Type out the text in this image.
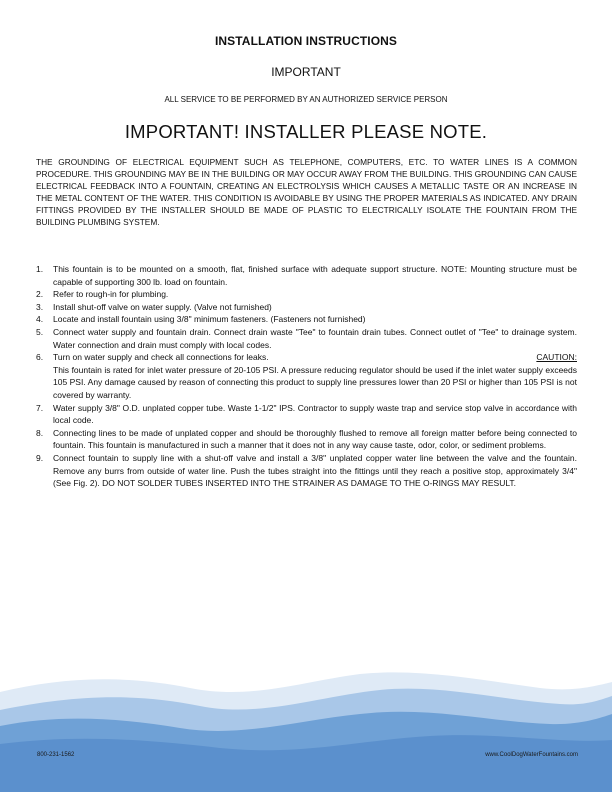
INSTALLATION INSTRUCTIONS
IMPORTANT
ALL SERVICE TO BE PERFORMED BY AN AUTHORIZED SERVICE PERSON
IMPORTANT! INSTALLER PLEASE NOTE.
THE GROUNDING OF ELECTRICAL EQUIPMENT SUCH AS TELEPHONE, COMPUTERS, ETC. TO WATER LINES IS A COMMON PROCEDURE. THIS GROUNDING MAY BE IN THE BUILDING OR MAY OCCUR AWAY FROM THE BUILDING. THIS GROUNDING CAN CAUSE ELECTRICAL FEEDBACK INTO A FOUNTAIN, CREATING AN ELECTROLYSIS WHICH CAUSES A METALLIC TASTE OR AN INCREASE IN THE METAL CONTENT OF THE WATER. THIS CONDITION IS AVOIDABLE BY USING THE PROPER MATERIALS AS INDICATED. ANY DRAIN FITTINGS PROVIDED BY THE INSTALLER SHOULD BE MADE OF PLASTIC TO ELECTRICALLY ISOLATE THE FOUNTAIN FROM THE BUILDING PLUMBING SYSTEM.
1. This fountain is to be mounted on a smooth, flat, finished surface with adequate support structure. NOTE: Mounting structure must be capable of supporting 300 lb. load on fountain.
2. Refer to rough-in for plumbing.
3. Install shut-off valve on water supply. (Valve not furnished)
4. Locate and install fountain using 3/8" minimum fasteners. (Fasteners not furnished)
5. Connect water supply and fountain drain. Connect drain waste "Tee" to fountain drain tubes. Connect outlet of "Tee" to drainage system. Water connection and drain must comply with local codes.
6.	CAUTION:
Turn on water supply and check all connections for leaks.
This fountain is rated for inlet water pressure of 20-105 PSI. A pressure reducing regulator should be used if the inlet water supply exceeds 105 PSI. Any damage caused by reason of connecting this product to supply line pressures lower than 20 PSI or higher than 105 PSI is not covered by warranty.
7. Water supply 3/8" O.D. unplated copper tube. Waste 1-1/2" IPS. Contractor to supply waste trap and service stop valve in accordance with local code.
8. Connecting lines to be made of unplated copper and should be thoroughly flushed to remove all foreign matter before being connected to fountain. This fountain is manufactured in such a manner that it does not in any way cause taste, odor, color, or sediment problems.
9. Connect fountain to supply line with a shut-off valve and install a 3/8" unplated copper water line between the valve and the fountain. Remove any burrs from outside of water line. Push the tubes straight into the fittings until they reach a positive stop, approximately 3/4" (See Fig. 2). DO NOT SOLDER TUBES INSERTED INTO THE STRAINER AS DAMAGE TO THE O-RINGS MAY RESULT.
800-231-1562	www.CoolDogWaterFountains.com
